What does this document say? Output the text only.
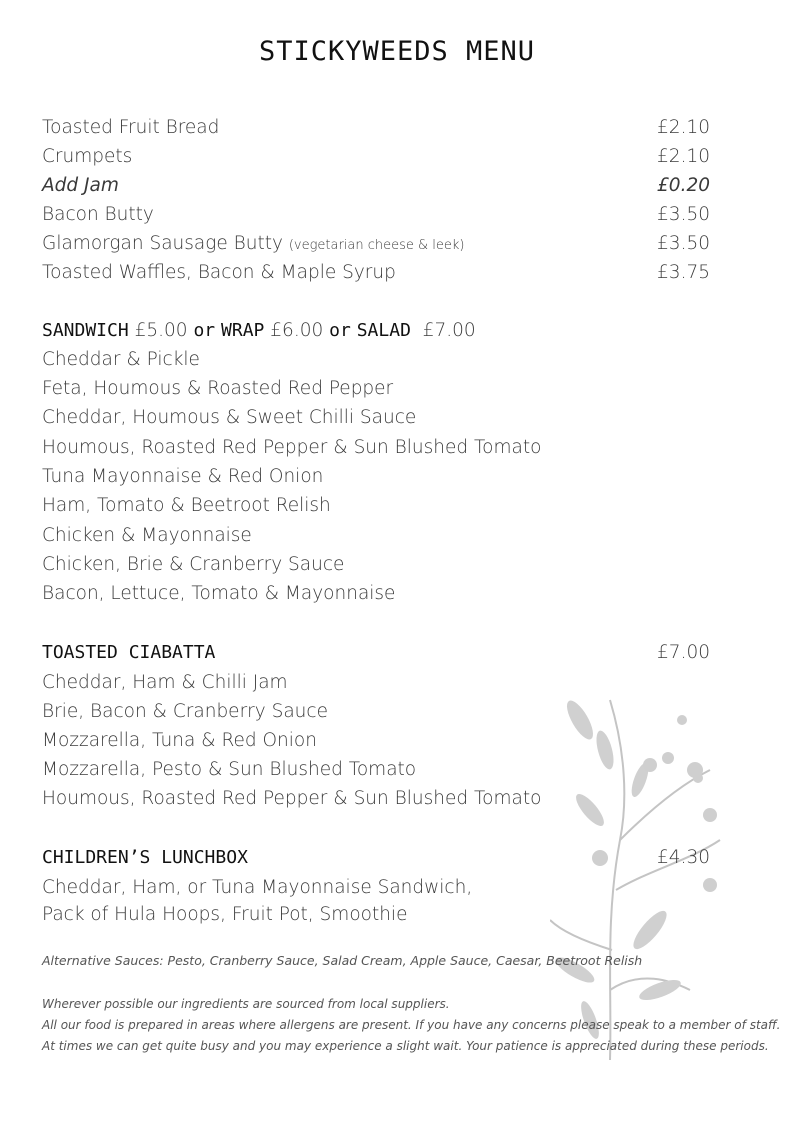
STICKYWEEDS MENU
Toasted Fruit Bread	£2.10
Crumpets	£2.10
Add Jam	£0.20
Bacon Butty	£3.50
Glamorgan Sausage Butty (vegetarian cheese & leek)	£3.50
Toasted Waffles, Bacon & Maple Syrup	£3.75
SANDWICH £5.00 or WRAP £6.00 or SALAD £7.00
Cheddar & Pickle
Feta, Houmous & Roasted Red Pepper
Cheddar, Houmous & Sweet Chilli Sauce
Houmous, Roasted Red Pepper & Sun Blushed Tomato
Tuna Mayonnaise & Red Onion
Ham, Tomato & Beetroot Relish
Chicken & Mayonnaise
Chicken, Brie & Cranberry Sauce
Bacon, Lettuce, Tomato & Mayonnaise
TOASTED CIABATTA	£7.00
Cheddar, Ham & Chilli Jam
Brie, Bacon & Cranberry Sauce
Mozzarella, Tuna & Red Onion
Mozzarella, Pesto & Sun Blushed Tomato
Houmous, Roasted Red Pepper & Sun Blushed Tomato
CHILDREN’S LUNCHBOX	£4.30
Cheddar, Ham, or Tuna Mayonnaise Sandwich,
Pack of Hula Hoops, Fruit Pot, Smoothie
Alternative Sauces: Pesto, Cranberry Sauce, Salad Cream, Apple Sauce, Caesar, Beetroot Relish
Wherever possible our ingredients are sourced from local suppliers.
All our food is prepared in areas where allergens are present. If you have any concerns please speak to a member of staff.
At times we can get quite busy and you may experience a slight wait. Your patience is appreciated during these periods.
